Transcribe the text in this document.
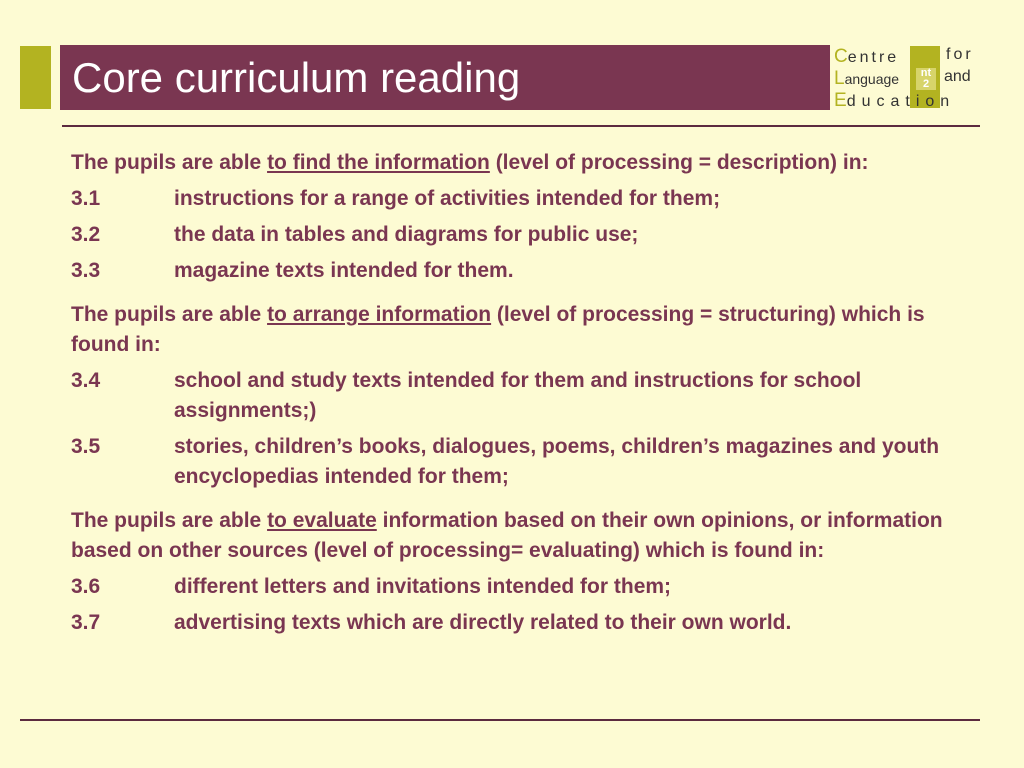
Core curriculum reading	nt
2
Centre
Language
Education
for
and

The pupils are able to find the information (level of processing = description) in:

3.1	instructions for a range of activities intended for them;
3.2	the data in tables and diagrams for public use;
3.3	magazine texts intended for them.

The pupils are able to arrange information (level of processing = structuring) which is found in:

3.4	school and study texts intended for them and instructions for school assignments;)
3.5	stories, children’s books, dialogues, poems, children’s magazines and youth encyclopedias intended for them;

The pupils are able to evaluate information based on their own opinions, or information based on other sources (level of processing= evaluating) which is found in:

3.6	different letters and invitations intended for them;
3.7	advertising texts which are directly related to their own world.
